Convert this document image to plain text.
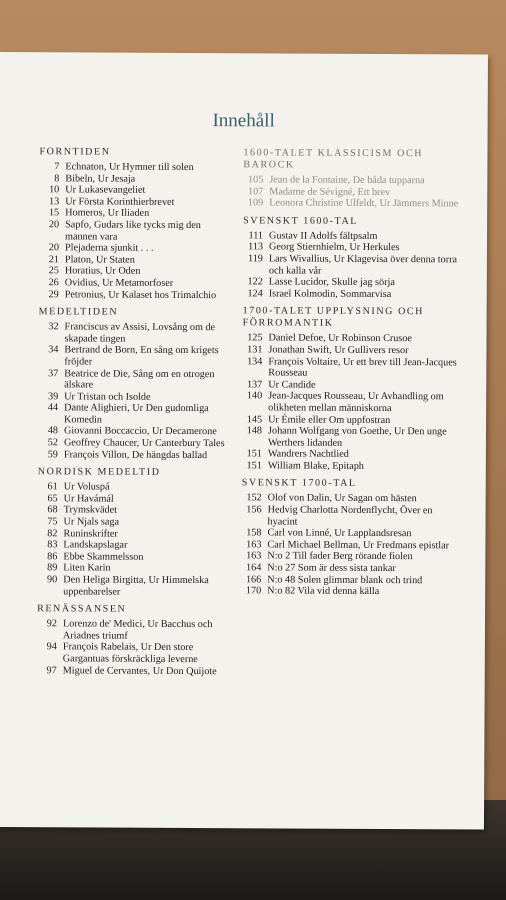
Innehåll
FORNTIDEN
7 Echnaton, Ur Hymner till solen
8 Bibeln, Ur Jesaja
10 Ur Lukasevangeliet
13 Ur Första Korinthierbrevet
15 Homeros, Ur Iliaden
20 Sapfo, Gudars like tycks mig den mannen vara
20 Plejaderna sjunkit . . .
21 Platon, Ur Staten
25 Horatius, Ur Oden
26 Ovidius, Ur Metamorfoser
29 Petronius, Ur Kalaset hos Trimalchio
MEDELTIDEN
32 Franciscus av Assisi, Lovsång om de skapade tingen
34 Bertrand de Born, En sång om krigets fröjder
37 Beatrice de Die, Sång om en otrogen älskare
39 Ur Tristan och Isolde
44 Dante Alighieri, Ur Den gudomliga Komedin
48 Giovanni Boccaccio, Ur Decamerone
52 Geoffrey Chaucer, Ur Canterbury Tales
59 François Villon, De hängdas ballad
NORDISK MEDELTID
61 Ur Voluspá
65 Ur Havámál
68 Trymskvädet
75 Ur Njals saga
82 Runinskrifter
83 Landskapslagar
86 Ebbe Skammelsson
89 Liten Karin
90 Den Heliga Birgitta, Ur Himmelska uppenbarelser
RENÄSSANSEN
92 Lorenzo de' Medici, Ur Bacchus och Ariadnes triumf
94 François Rabelais, Ur Den store Gargantuas förskräckliga leverne
97 Miguel de Cervantes, Ur Don Quijote
1600-TALET KLASSICISM OCH BAROCK
105 Jean de la Fontaine, De båda tupparna
107 Madame de Sévigné, Ett brev
109 Leonora Christine Ulfeldt, Ur Jämmers Minne
SVENSKT 1600-TAL
111 Gustav II Adolfs fältpsalm
113 Georg Stiernhielm, Ur Herkules
119 Lars Wivallius, Ur Klagevisa över denna torra och kalla vår
122 Lasse Lucidor, Skulle jag sörja
124 Israel Kolmodin, Sommarvisa
1700-TALET UPPLYSNING OCH FÖRROMANTIK
125 Daniel Defoe, Ur Robinson Crusoe
131 Jonathan Swift, Ur Gullivers resor
134 François Voltaire, Ur ett brev till Jean-Jacques Rousseau
137 Ur Candide
140 Jean-Jacques Rousseau, Ur Avhandling om olikheten mellan människorna
145 Ur Émile eller Om uppfostran
148 Johann Wolfgang von Goethe, Ur Den unge Werthers lidanden
151 Wandrers Nachtlied
151 William Blake, Epitaph
SVENSKT 1700-TAL
152 Olof von Dalin, Ur Sagan om hästen
156 Hedvig Charlotta Nordenflycht, Över en hyacint
158 Carl von Linné, Ur Lapplandsresan
163 Carl Michael Bellman, Ur Fredmans epistlar
163 N:o 2 Till fader Berg rörande fiolen
164 N:o 27 Som är dess sista tankar
166 N:o 48 Solen glimmar blank och trind
170 N:o 82 Vila vid denna källa
